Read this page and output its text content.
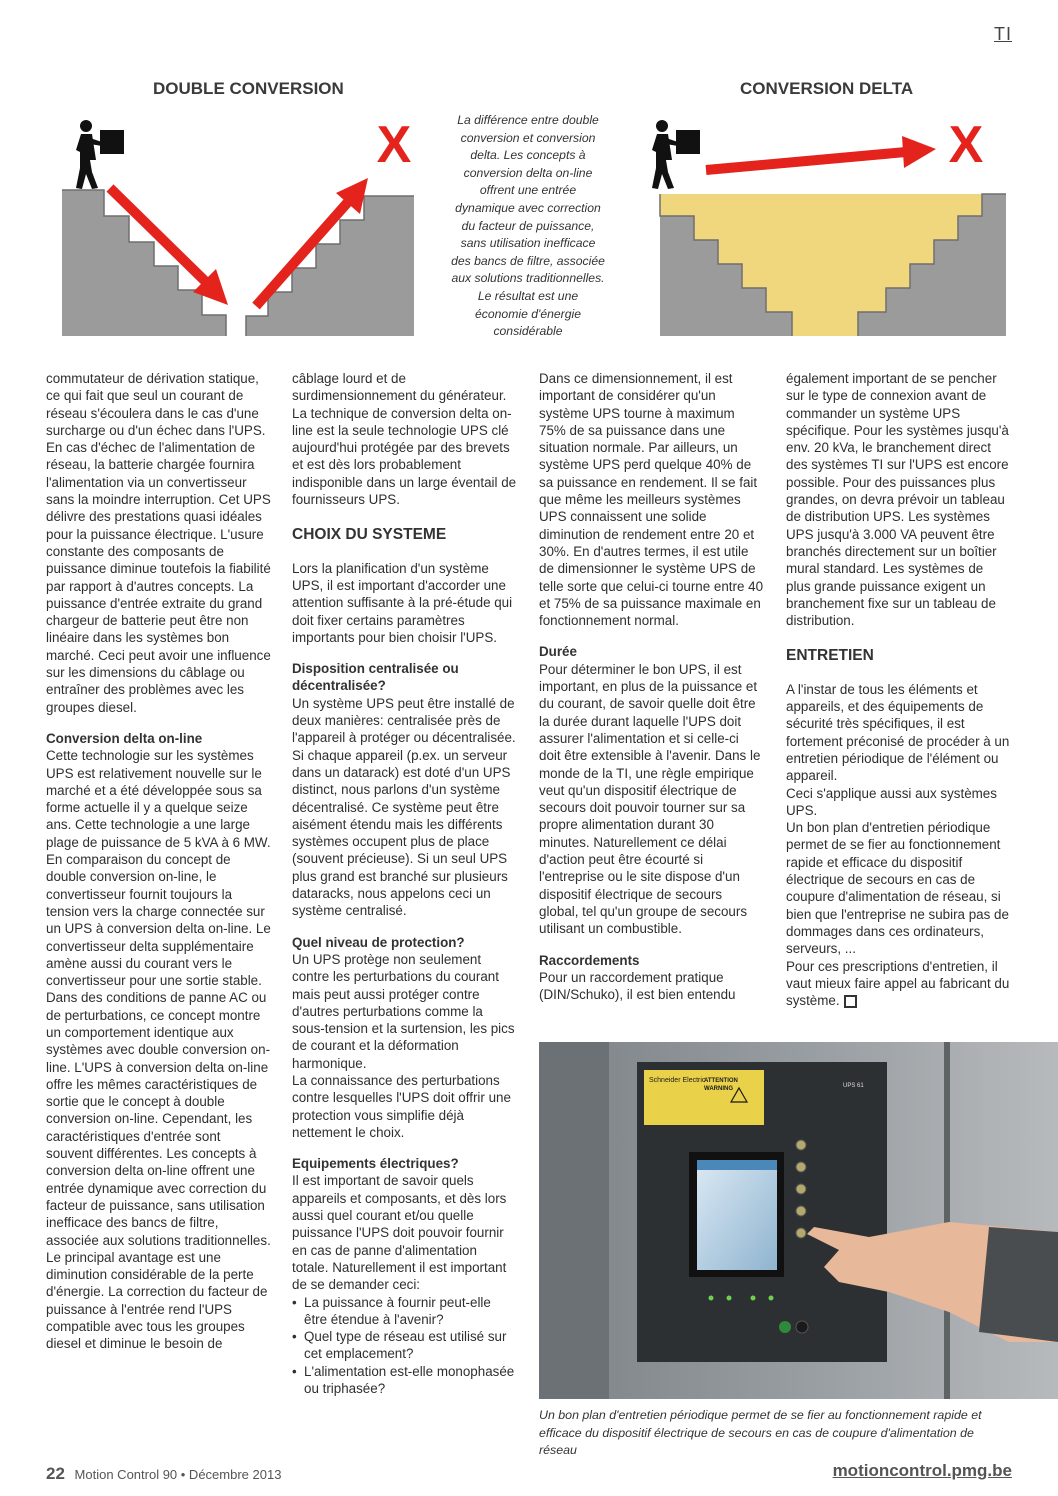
TI
DOUBLE CONVERSION	CONVERSION DELTA
X	La différence entre double conversion et conversion delta. Les concepts à conversion delta on-line offrent une entrée dynamique avec correction du facteur de puissance, sans utilisation inefficace des bancs de filtre, associée aux solutions traditionnelles. Le résultat est une économie d'énergie considérable
X

commutateur de dérivation statique, ce qui fait que seul un courant de réseau s'écoulera dans le cas d'une surcharge ou d'un échec dans l'UPS. En cas d'échec de l'alimentation de réseau, la batterie chargée fournira l'alimentation via un convertisseur sans la moindre interruption. Cet UPS délivre des prestations quasi idéales pour la puissance électrique. L'usure constante des composants de puissance diminue toutefois la fiabilité par rapport à d'autres concepts. La puissance d'entrée extraite du grand chargeur de batterie peut être non linéaire dans les systèmes bon marché. Ceci peut avoir une influence sur les dimensions du câblage ou entraîner des problèmes avec les groupes diesel.

Conversion delta on-line

Cette technologie sur les systèmes UPS est relativement nouvelle sur le marché et a été développée sous sa forme actuelle il y a quelque seize ans. Cette technologie a une large plage de puissance de 5 kVA à 6 MW. En comparaison du concept de double conversion on-line, le convertisseur fournit toujours la tension vers la charge connectée sur un UPS à conversion delta on-line. Le convertisseur delta supplémentaire amène aussi du courant vers le convertisseur pour une sortie stable. Dans des conditions de panne AC ou de perturbations, ce concept montre un comportement identique aux systèmes avec double conversion on-line. L'UPS à conversion delta on-line offre les mêmes caractéristiques de sortie que le concept à double conversion on-line. Cependant, les caractéristiques d'entrée sont souvent différentes. Les concepts à conversion delta on-line offrent une entrée dynamique avec correction du facteur de puissance, sans utilisation inefficace des bancs de filtre, associée aux solutions traditionnelles. Le principal avantage est une diminution considérable de la perte d'énergie. La correction du facteur de puissance à l'entrée rend l'UPS compatible avec tous les groupes diesel et diminue le besoin de

câblage lourd et de surdimensionnement du générateur. La technique de conversion delta on-line est la seule technologie UPS clé aujourd'hui protégée par des brevets et est dès lors probablement indisponible dans un large éventail de fournisseurs UPS.

CHOIX DU SYSTEME

Lors la planification d'un système UPS, il est important d'accorder une attention suffisante à la pré-étude qui doit fixer certains paramètres importants pour bien choisir l'UPS.

Disposition centralisée ou décentralisée?

Un système UPS peut être installé de deux manières: centralisée près de l'appareil à protéger ou décentralisée.

Si chaque appareil (p.ex. un serveur dans un datarack) est doté d'un UPS distinct, nous parlons d'un système décentralisé. Ce système peut être aisément étendu mais les différents systèmes occupent plus de place (souvent précieuse). Si un seul UPS plus grand est branché sur plusieurs dataracks, nous appelons ceci un système centralisé.

Quel niveau de protection?

Un UPS protège non seulement contre les perturbations du courant mais peut aussi protéger contre d'autres perturbations comme la sous-tension et la surtension, les pics de courant et la déformation harmonique.

La connaissance des perturbations contre lesquelles l'UPS doit offrir une protection vous simplifie déjà nettement le choix.

Equipements électriques?

Il est important de savoir quels appareils et composants, et dès lors aussi quel courant et/ou quelle puissance l'UPS doit pouvoir fournir en cas de panne d'alimentation totale. Naturellement il est important de se demander ceci:

• La puissance à fournir peut-elle être étendue à l'avenir?
• Quel type de réseau est utilisé sur cet emplacement?
• L'alimentation est-elle monophasée ou triphasée?

Dans ce dimensionnement, il est important de considérer qu'un système UPS tourne à maximum 75% de sa puissance dans une situation normale. Par ailleurs, un système UPS perd quelque 40% de sa puissance en rendement. Il se fait que même les meilleurs systèmes UPS connaissent une solide diminution de rendement entre 20 et 30%. En d'autres termes, il est utile de dimensionner le système UPS de telle sorte que celui-ci tourne entre 40 et 75% de sa puissance maximale en fonctionnement normal.

Durée

Pour déterminer le bon UPS, il est important, en plus de la puissance et du courant, de savoir quelle doit être la durée durant laquelle l'UPS doit assurer l'alimentation et si celle-ci doit être extensible à l'avenir. Dans le monde de la TI, une règle empirique veut qu'un dispositif électrique de secours doit pouvoir tourner sur sa propre alimentation durant 30 minutes. Naturellement ce délai d'action peut être écourté si l'entreprise ou le site dispose d'un dispositif électrique de secours global, tel qu'un groupe de secours utilisant un combustible.

Raccordements

Pour un raccordement pratique (DIN/Schuko), il est bien entendu

également important de se pencher sur le type de connexion avant de commander un système UPS spécifique. Pour les systèmes jusqu'à env. 20 kVa, le branchement direct des systèmes TI sur l'UPS est encore possible. Pour des puissances plus grandes, on devra prévoir un tableau de distribution UPS. Les systèmes UPS jusqu'à 3.000 VA peuvent être branchés directement sur un boîtier mural standard. Les systèmes de plus grande puissance exigent un branchement fixe sur un tableau de distribution.

ENTRETIEN

A l'instar de tous les éléments et appareils, et des équipements de sécurité très spécifiques, il est fortement préconisé de procéder à un entretien périodique de l'élément ou appareil.

Ceci s'applique aussi aux systèmes UPS.

Un bon plan d'entretien périodique permet de se fier au fonctionnement rapide et efficace du dispositif électrique de secours en cas de coupure d'alimentation de réseau, si bien que l'entreprise ne subira pas de dommages dans ces ordinateurs, serveurs, ...

Pour ces prescriptions d'entretien, il vaut mieux faire appel au fabricant du système.

Schneider Electric
ATTENTION
WARNING	UPS 61
Un bon plan d'entretien périodique permet de se fier au fonctionnement rapide et efficace du dispositif électrique de secours en cas de coupure d'alimentation de réseau
22 Motion Control 90 • Décembre 2013	motioncontrol.pmg.be
